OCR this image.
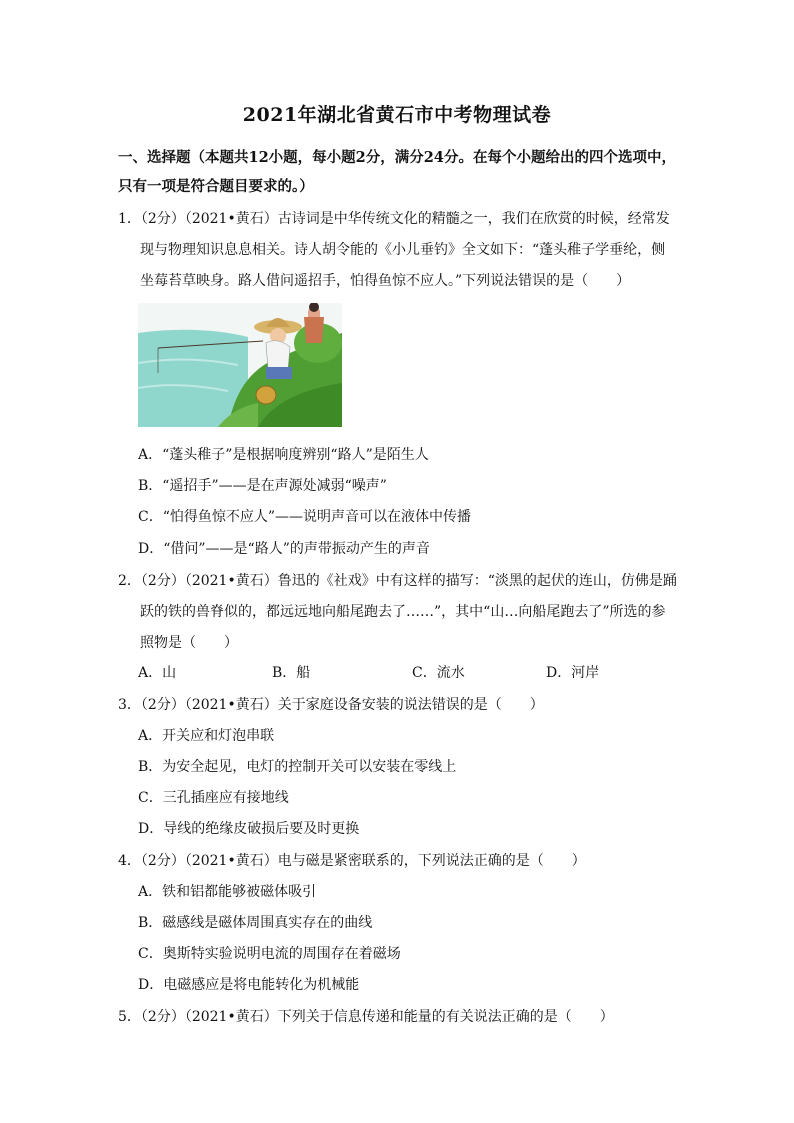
2021年湖北省黄石市中考物理试卷
一、选择题（本题共12小题，每小题2分，满分24分。在每个小题给出的四个选项中，
只有一项是符合题目要求的。）
1．（2分）（2021•黄石）古诗词是中华传统文化的精髓之一，我们在欣赏的时候，经常发现与物理知识息息相关。诗人胡令能的《小儿垂钓》全文如下：“蓬头稚子学垂纶，侧坐莓苔草映身。路人借问遥招手，怕得鱼惊不应人。”下列说法错误的是（　　）
A．“蓬头稚子”是根据响度辨别“路人”是陌生人
B．“遥招手”——是在声源处减弱“噪声”
C．“怕得鱼惊不应人”——说明声音可以在液体中传播
D．“借问”——是“路人”的声带振动产生的声音
2．（2分）（2021•黄石）鲁迅的《社戏》中有这样的描写：“淡黑的起伏的连山，仿佛是踊跃的铁的兽脊似的，都远远地向船尾跑去了……”，其中“山…向船尾跑去了”所选的参照物是（　　）
A．山	B．船	C．流水	D．河岸
3．（2分）（2021•黄石）关于家庭设备安装的说法错误的是（　　）
A．开关应和灯泡串联
B．为安全起见，电灯的控制开关可以安装在零线上
C．三孔插座应有接地线
D．导线的绝缘皮破损后要及时更换
4．（2分）（2021•黄石）电与磁是紧密联系的，下列说法正确的是（　　）
A．铁和铝都能够被磁体吸引
B．磁感线是磁体周围真实存在的曲线
C．奥斯特实验说明电流的周围存在着磁场
D．电磁感应是将电能转化为机械能
5．（2分）（2021•黄石）下列关于信息传递和能量的有关说法正确的是（　　）
